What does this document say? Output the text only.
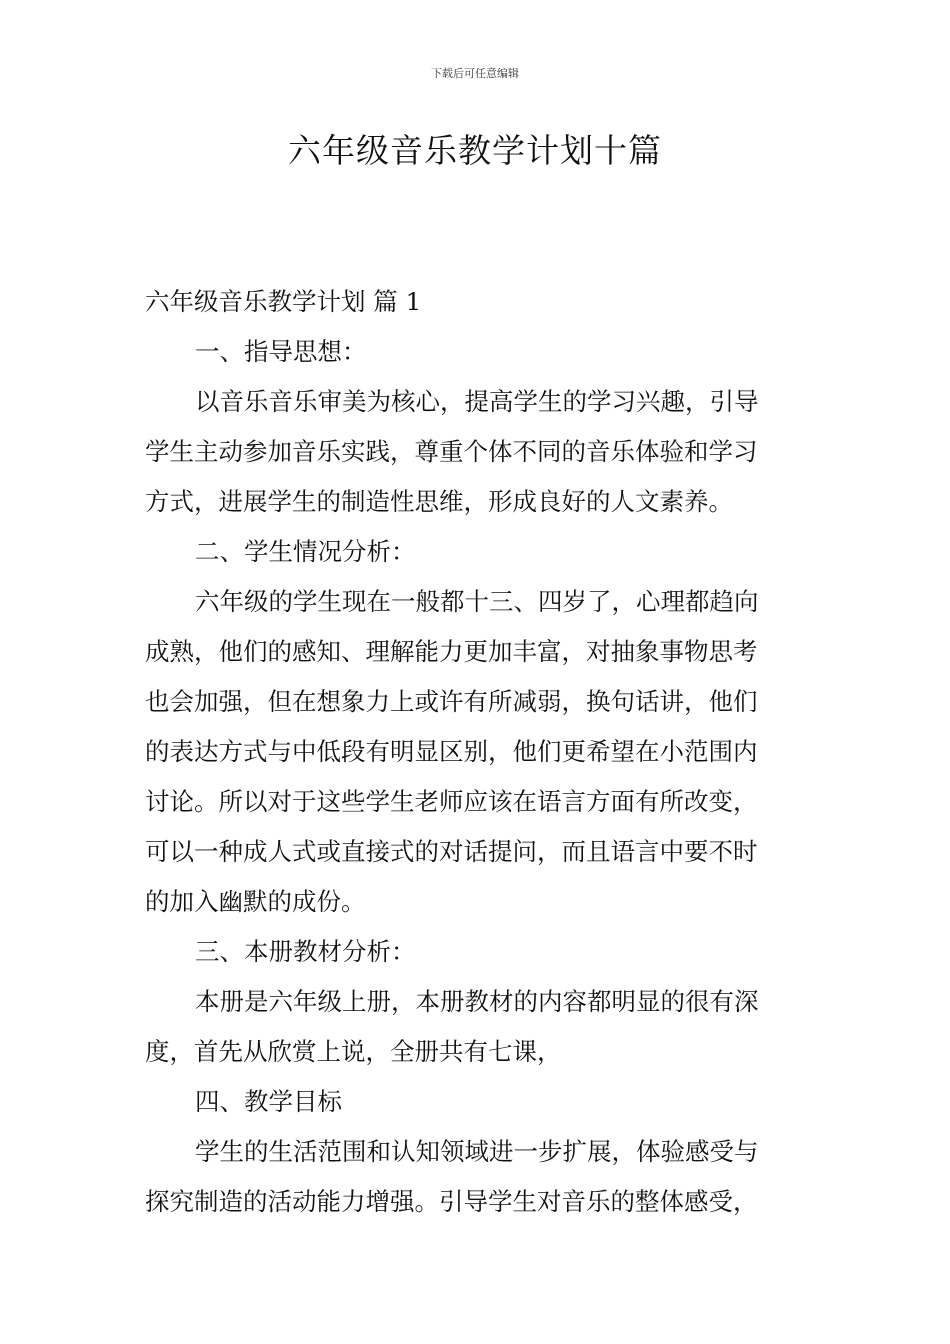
下载后可任意编辑
六年级音乐教学计划十篇
六年级音乐教学计划 篇 1
一、指导思想：
以音乐音乐审美为核心，提高学生的学习兴趣，引导
学生主动参加音乐实践，尊重个体不同的音乐体验和学习
方式，进展学生的制造性思维，形成良好的人文素养。
二、学生情况分析：
六年级的学生现在一般都十三、四岁了，心理都趋向
成熟，他们的感知、理解能力更加丰富，对抽象事物思考
也会加强，但在想象力上或许有所减弱，换句话讲，他们
的表达方式与中低段有明显区别，他们更希望在小范围内
讨论。所以对于这些学生老师应该在语言方面有所改变，
可以一种成人式或直接式的对话提问，而且语言中要不时
的加入幽默的成份。
三、本册教材分析：
本册是六年级上册，本册教材的内容都明显的很有深
度，首先从欣赏上说，全册共有七课，
四、教学目标
学生的生活范围和认知领域进一步扩展，体验感受与
探究制造的活动能力增强。引导学生对音乐的整体感受，
